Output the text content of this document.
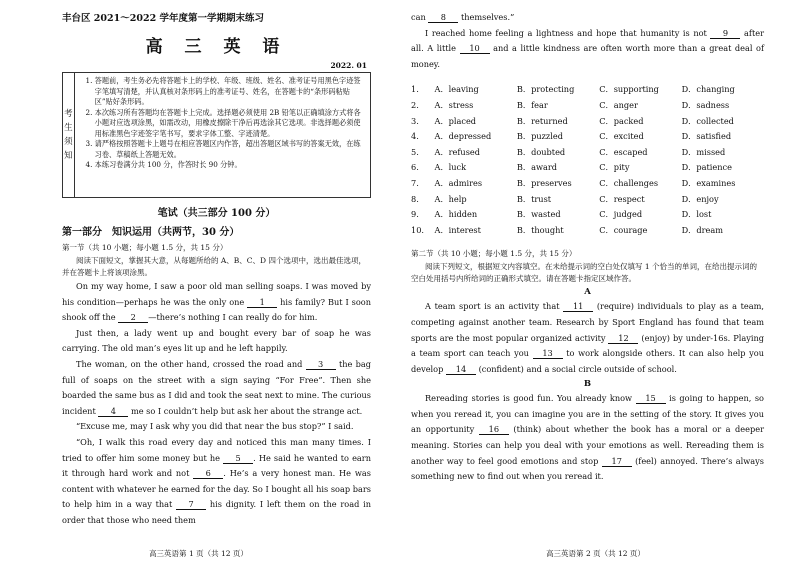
丰台区 2021～2022 学年度第一学期期末练习
高 三 英 语
2022. 01
考
生
须
知
1. 答题前，考生务必先将答题卡上的学校、年级、班级、姓名、准考证号用黑色字迹签字笔填写清楚，并认真核对条形码上的准考证号、姓名，在答题卡的“条形码粘贴区”贴好条形码。
2. 本次练习所有答题均在答题卡上完成。选择题必须使用 2B 铅笔以正确填涂方式将各小题对应选项涂黑，如需改动，用橡皮擦除干净后再选涂其它选项。非选择题必须使用标准黑色字迹签字笔书写，要求字体工整、字迹清楚。
3. 请严格按照答题卡上题号在相应答题区内作答，超出答题区域书写的答案无效，在练习卷、草稿纸上答题无效。
4. 本练习卷满分共 100 分，作答时长 90 分钟。
笔试（共三部分 100 分）
第一部分　知识运用（共两节，30 分）
第一节（共 10 小题；每小题 1.5 分，共 15 分）
阅读下面短文，掌握其大意，从每题所给的 A、B、C、D 四个选项中，选出最佳选项，并在答题卡上将该项涂黑。

On my way home, I saw a poor old man selling soaps. I was moved by his condition—perhaps he was the only one 1 his family? But I soon shook off the 2 —there’s nothing I can really do for him.

Just then, a lady went up and bought every bar of soap he was carrying. The old man’s eyes lit up and he left happily.

The woman, on the other hand, crossed the road and 3 the bag full of soaps on the street with a sign saying “For Free”. Then she boarded the same bus as I did and took the seat next to mine. The curious incident 4 me so I couldn’t help but ask her about the strange act.

“Excuse me, may I ask why you did that near the bus stop?” I said.

“Oh, I walk this road every day and noticed this man many times. I tried to offer him some money but he 5 . He said he wanted to earn it through hard work and not 6 . He’s a very honest man. He was content with whatever he earned for the day. So I bought all his soap bars to help him in a way that 7 his dignity. I left them on the road in order that those who need them

高三英语第 1 页（共 12 页）

can 8 themselves.”

I reached home feeling a lightness and hope that humanity is not 9 after all. A little 10 and a little kindness are often worth more than a great deal of money.

1.	A．leaving	B．protecting	C．supporting	D．changing
2.	A．stress	B．fear	C．anger	D．sadness
3.	A．placed	B．returned	C．packed	D．collected
4.	A．depressed	B．puzzled	C．excited	D．satisfied
5.	A．refused	B．doubted	C．escaped	D．missed
6.	A．luck	B．award	C．pity	D．patience
7.	A．admires	B．preserves	C．challenges	D．examines
8.	A．help	B．trust	C．respect	D．enjoy
9.	A．hidden	B．wasted	C．judged	D．lost
10.	A．interest	B．thought	C．courage	D．dream
第二节（共 10 小题；每小题 1.5 分，共 15 分）
阅读下列短文，根据短文内容填空。在未给提示词的空白处仅填写 1 个恰当的单词，在给出提示词的空白处用括号内所给词的正确形式填空。请在答题卡指定区域作答。
A

A team sport is an activity that 11 (require) individuals to play as a team, competing against another team. Research by Sport England has found that team sports are the most popular organized activity 12 (enjoy) by under-16s. Playing a team sport can teach you 13 to work alongside others. It can also help you develop 14 (confident) and a social circle outside of school.

B

Rereading stories is good fun. You already know 15 is going to happen, so when you reread it, you can imagine you are in the setting of the story. It gives you an opportunity 16 (think) about whether the book has a moral or a deeper meaning. Stories can help you deal with your emotions as well. Rereading them is another way to feel good emotions and stop 17 (feel) annoyed. There’s always something new to find out when you reread it.

高三英语第 2 页（共 12 页）
